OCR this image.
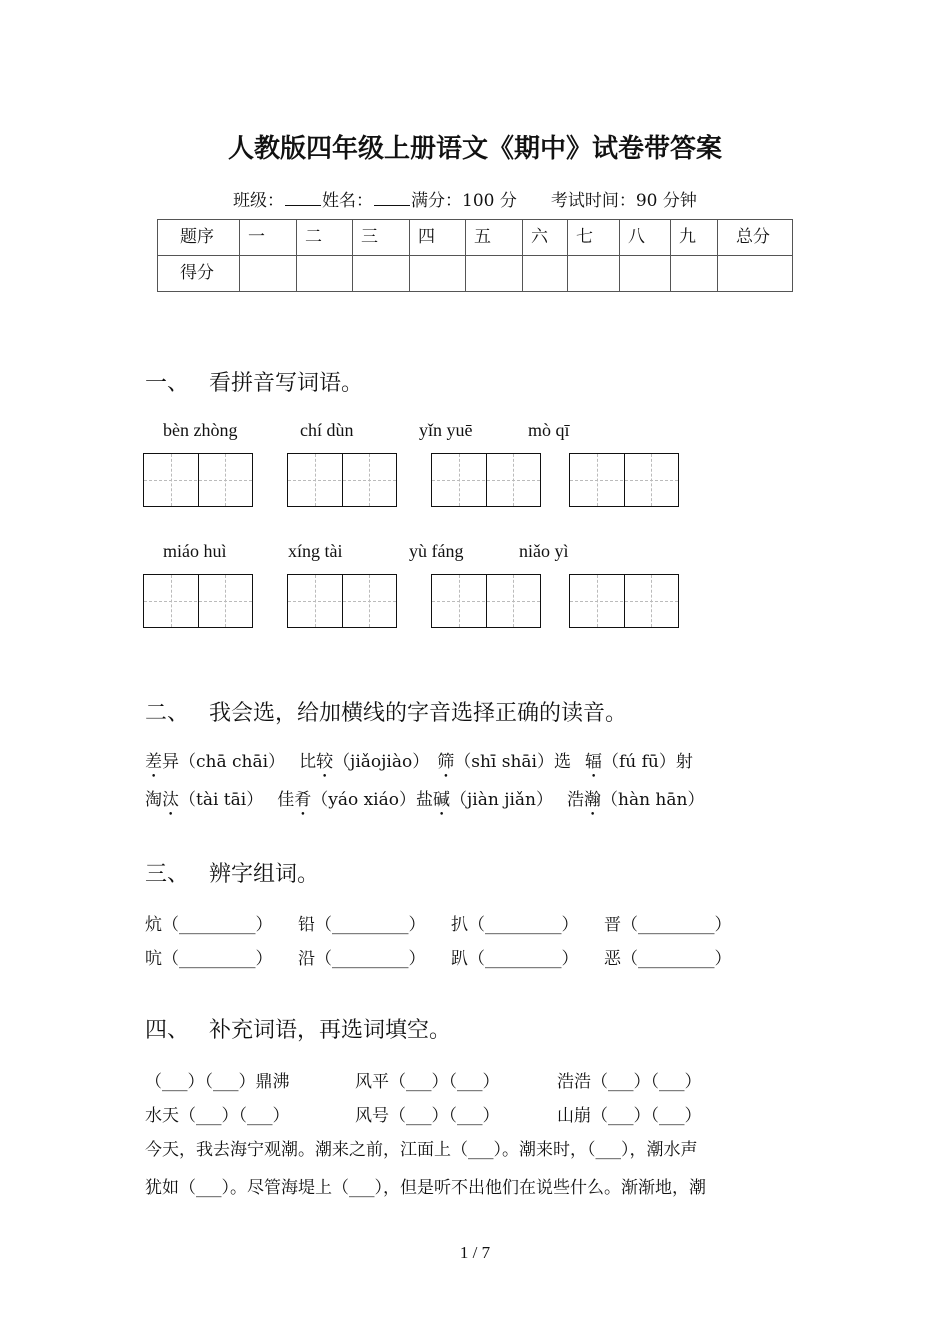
人教版四年级上册语文《期中》试卷带答案
班级： 姓名： 满分：100 分 考试时间：90 分钟
题序	一	二	三	四	五	六	七	八	九	总分
得分										
一、 看拼音写词语。
bèn zhòng	chí dùn	yǐn yuē	mò qī
miáo huì	xíng tài	yù fáng	niǎo yì
二、 我会选，给加横线的字音选择正确的读音。
差异（chā chāi） 比较（jiǎojiào） 筛（shī shāi）选 辐（fú fū）射
淘汰（tài tāi） 佳肴（yáo xiáo）盐碱（jiàn jiǎn） 浩瀚（hàn hān）
三、 辨字组词。
炕（_________） 铅（_________） 扒（_________） 晋（_________）
吭（_________） 沿（_________） 趴（_________） 恶（_________）
四、 补充词语，再选词填空。
（___）（___）鼎沸	风平（___）（___）	浩浩（___）（___）
水天（___）（___）	风号（___）（___）	山崩（___）（___）
今天，我去海宁观潮。潮来之前，江面上（___）。潮来时，（___），潮水声
犹如（___）。尽管海堤上（___），但是听不出他们在说些什么。渐渐地，潮
1 / 7
